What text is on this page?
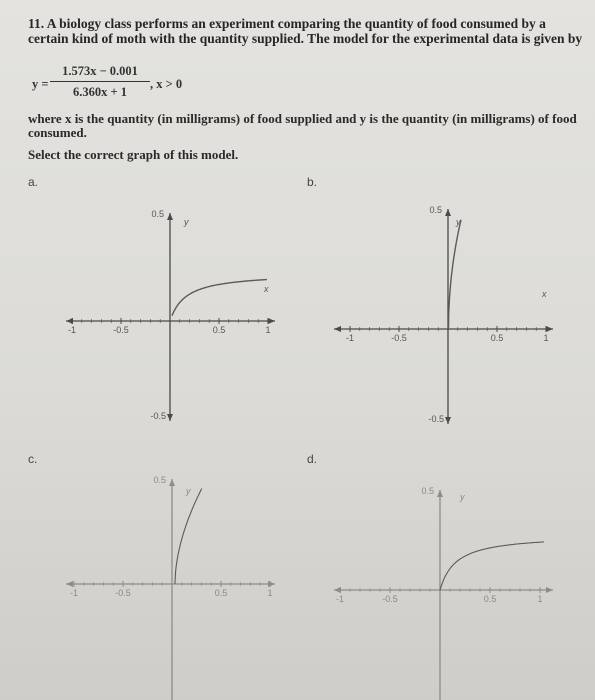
11. A biology class performs an experiment comparing the quantity of food consumed by a certain kind of moth with the quantity supplied. The model for the experimental data is given by
$y = \frac{1.573x - 0.001}{6.360x + 1}$ , x > 0
where x is the quantity (in milligrams) of food supplied and y is the quantity (in milligrams) of food consumed.
Select the correct graph of this model.
a.	b.
c.	d.
-1	-0.5	0.5	1
0.5
-0.5
y
x
-1	-0.5	0.5	1
0.5
-0.5
y
x
-1	-0.5	0.5	1
0.5
y
-1	-0.5	0.5	1
0.5
y
